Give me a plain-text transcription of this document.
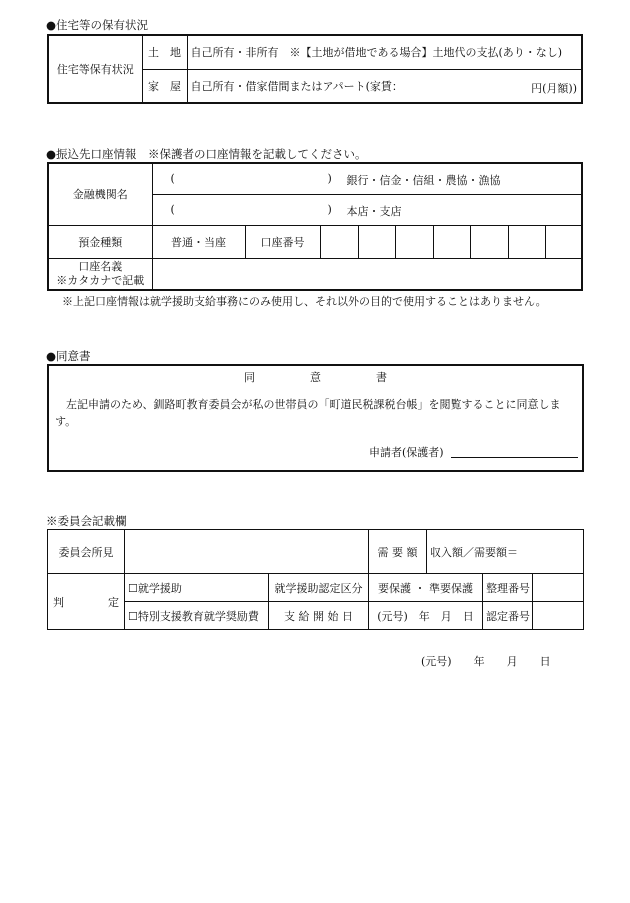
●住宅等の保有状況
住宅等保有状況	土　地	自己所有・非所有　※【土地が借地である場合】土地代の支払(あり・なし)
	家　屋	自己所有・借家借間またはアパート(家賃： 円(月額))
●振込先口座情報　※保護者の口座情報を記載してください。
金融機関名	( ) 銀行・信金・信組・農協・漁協								

	( ) 本店・支店								

預金種類	普通・当座	口座番号							

口座名義
※カタカナで記載									

※上記口座情報は就学援助支給事務にのみ使用し、それ以外の目的で使用することはありません。
●同意書
同　　　　　意　　　　　書
左記申請のため、釧路町教育委員会が私の世帯員の「町道民税課税台帳」を閲覧することに同意します。
申請者(保護者)
※委員会記載欄
委員会所見			需 要 額	収入額／需要額＝		
判　　　　定	☐就学援助	就学援助認定区分	要保護 ・ 準要保護		整理番号	
	☐特別支援教育就学奨励費	支 給 開 始 日	(元号)　年　月　日		認定番号	
(元号)　　年　　月　　日
